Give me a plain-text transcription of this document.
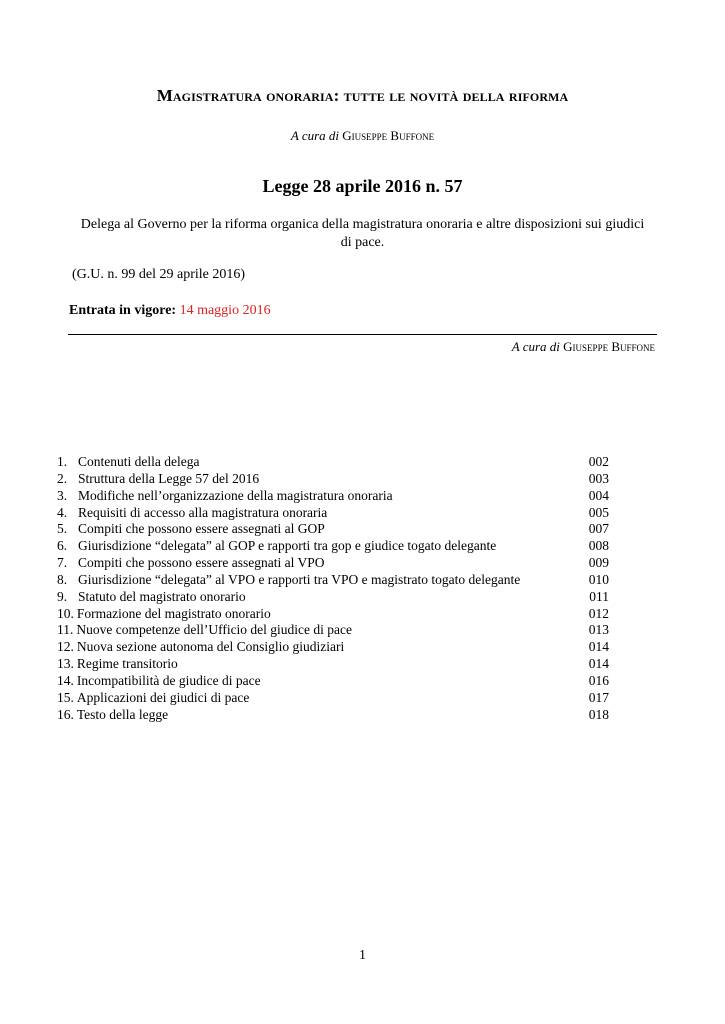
Magistratura onoraria: tutte le novità della riforma
A cura di Giuseppe Buffone
Legge 28 aprile 2016 n. 57
Delega al Governo per la riforma organica della magistratura onoraria e altre disposizioni sui giudici di pace.
(G.U. n. 99 del 29 aprile 2016)
Entrata in vigore: 14 maggio 2016
A cura di Giuseppe Buffone
1. Contenuti della delega	002
2. Struttura della Legge 57 del 2016	003
3. Modifiche nell’organizzazione della magistratura onoraria	004
4. Requisiti di accesso alla magistratura onoraria	005
5. Compiti che possono essere assegnati al GOP	007
6. Giurisdizione “delegata” al GOP e rapporti tra gop e giudice togato delegante	008
7. Compiti che possono essere assegnati al VPO	009
8. Giurisdizione “delegata” al VPO e rapporti tra VPO e magistrato togato delegante	010
9. Statuto del magistrato onorario	011
10. Formazione del magistrato onorario	012
11. Nuove competenze dell’Ufficio del giudice di pace	013
12. Nuova sezione autonoma del Consiglio giudiziari	014
13. Regime transitorio	014
14. Incompatibilità de giudice di pace	016
15. Applicazioni dei giudici di pace	017
16. Testo della legge	018
1
